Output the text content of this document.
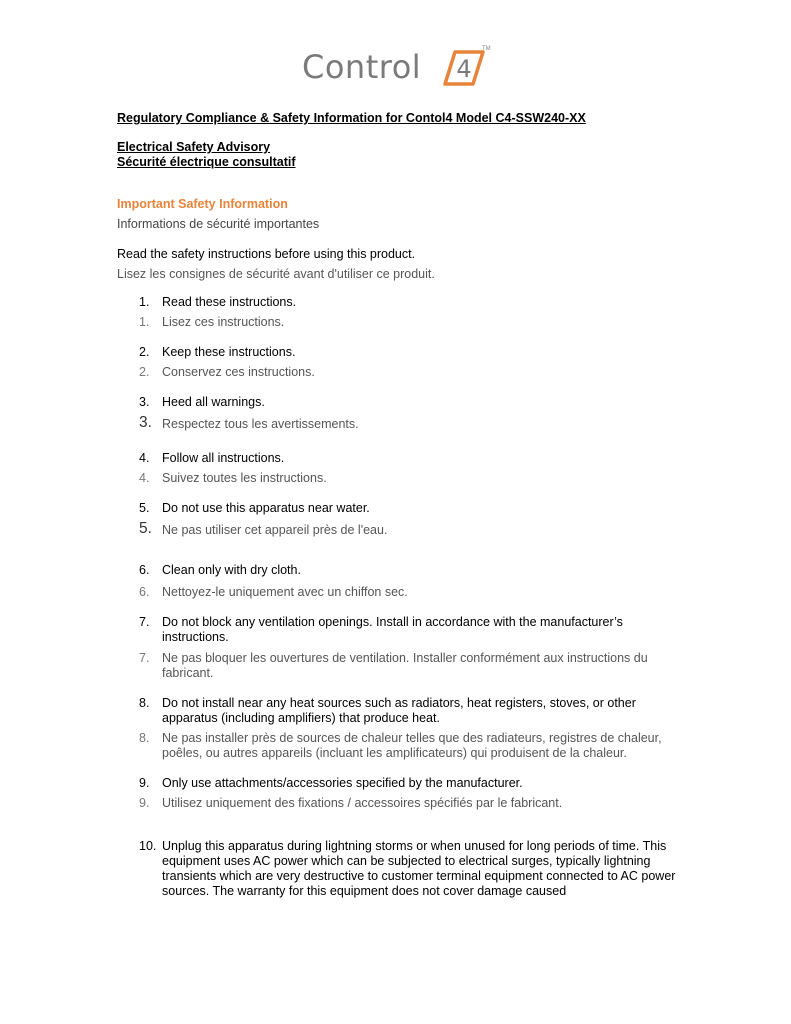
Control 4
TM

Regulatory Compliance & Safety Information for Contol4 Model C4-SSW240-XX

Electrical Safety Advisory
Sécurité électrique consultatif
Important Safety Information
Informations de sécurité importantes
Read the safety instructions before using this product.
Lisez les consignes de sécurité avant d'utiliser ce produit.
1. Read these instructions.
1. Lisez ces instructions.
2. Keep these instructions.
2. Conservez ces instructions.
3. Heed all warnings.
3. Respectez tous les avertissements.
4. Follow all instructions.
4. Suivez toutes les instructions.
5. Do not use this apparatus near water.
5. Ne pas utiliser cet appareil près de l'eau.
6. Clean only with dry cloth.
6. Nettoyez-le uniquement avec un chiffon sec.
7. Do not block any ventilation openings. Install in accordance with the manufacturer’s instructions.
7. Ne pas bloquer les ouvertures de ventilation. Installer conformément aux instructions du fabricant.
8. Do not install near any heat sources such as radiators, heat registers, stoves, or other apparatus (including amplifiers) that produce heat.
8. Ne pas installer près de sources de chaleur telles que des radiateurs, registres de chaleur, poêles, ou autres appareils (incluant les amplificateurs) qui produisent de la chaleur.
9. Only use attachments/accessories specified by the manufacturer.
9. Utilisez uniquement des fixations / accessoires spécifiés par le fabricant.
10. Unplug this apparatus during lightning storms or when unused for long periods of time. This equipment uses AC power which can be subjected to electrical surges, typically lightning transients which are very destructive to customer terminal equipment connected to AC power sources. The warranty for this equipment does not cover damage caused
